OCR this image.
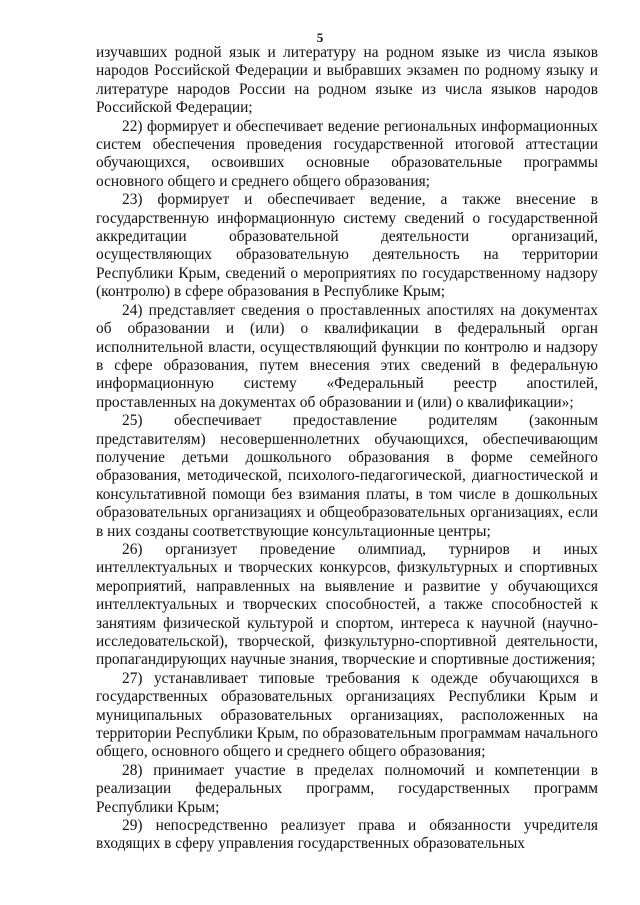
5

изучавших родной язык и литературу на родном языке из числа языков народов Российской Федерации и выбравших экзамен по родному языку и литературе народов России на родном языке из числа языков народов Российской Федерации;

22) формирует и обеспечивает ведение региональных информационных систем обеспечения проведения государственной итоговой аттестации обучающихся, освоивших основные образовательные программы основного общего и среднего общего образования;

23) формирует и обеспечивает ведение, а также внесение в государственную информационную систему сведений о государственной аккредитации образовательной деятельности организаций, осуществляющих образовательную деятельность на территории Республики Крым, сведений о мероприятиях по государственному надзору (контролю) в сфере образования в Республике Крым;

24) представляет сведения о проставленных апостилях на документах об образовании и (или) о квалификации в федеральный орган исполнительной власти, осуществляющий функции по контролю и надзору в сфере образования, путем внесения этих сведений в федеральную информационную систему «Федеральный реестр апостилей, проставленных на документах об образовании и (или) о квалификации»;

25) обеспечивает предоставление родителям (законным представителям) несовершеннолетних обучающихся, обеспечивающим получение детьми дошкольного образования в форме семейного образования, методической, психолого-педагогической, диагностической и консультативной помощи без взимания платы, в том числе в дошкольных образовательных организациях и общеобразовательных организациях, если в них созданы соответствующие консультационные центры;

26) организует проведение олимпиад, турниров и иных интеллектуальных и творческих конкурсов, физкультурных и спортивных мероприятий, направленных на выявление и развитие у обучающихся интеллектуальных и творческих способностей, а также способностей к занятиям физической культурой и спортом, интереса к научной (научно-исследовательской), творческой, физкультурно-спортивной деятельности, пропагандирующих научные знания, творческие и спортивные достижения;

27) устанавливает типовые требования к одежде обучающихся в государственных образовательных организациях Республики Крым и муниципальных образовательных организациях, расположенных на территории Республики Крым, по образовательным программам начального общего, основного общего и среднего общего образования;

28) принимает участие в пределах полномочий и компетенции в реализации федеральных программ, государственных программ Республики Крым;

29) непосредственно реализует права и обязанности учредителя входящих в сферу управления государственных образовательных
